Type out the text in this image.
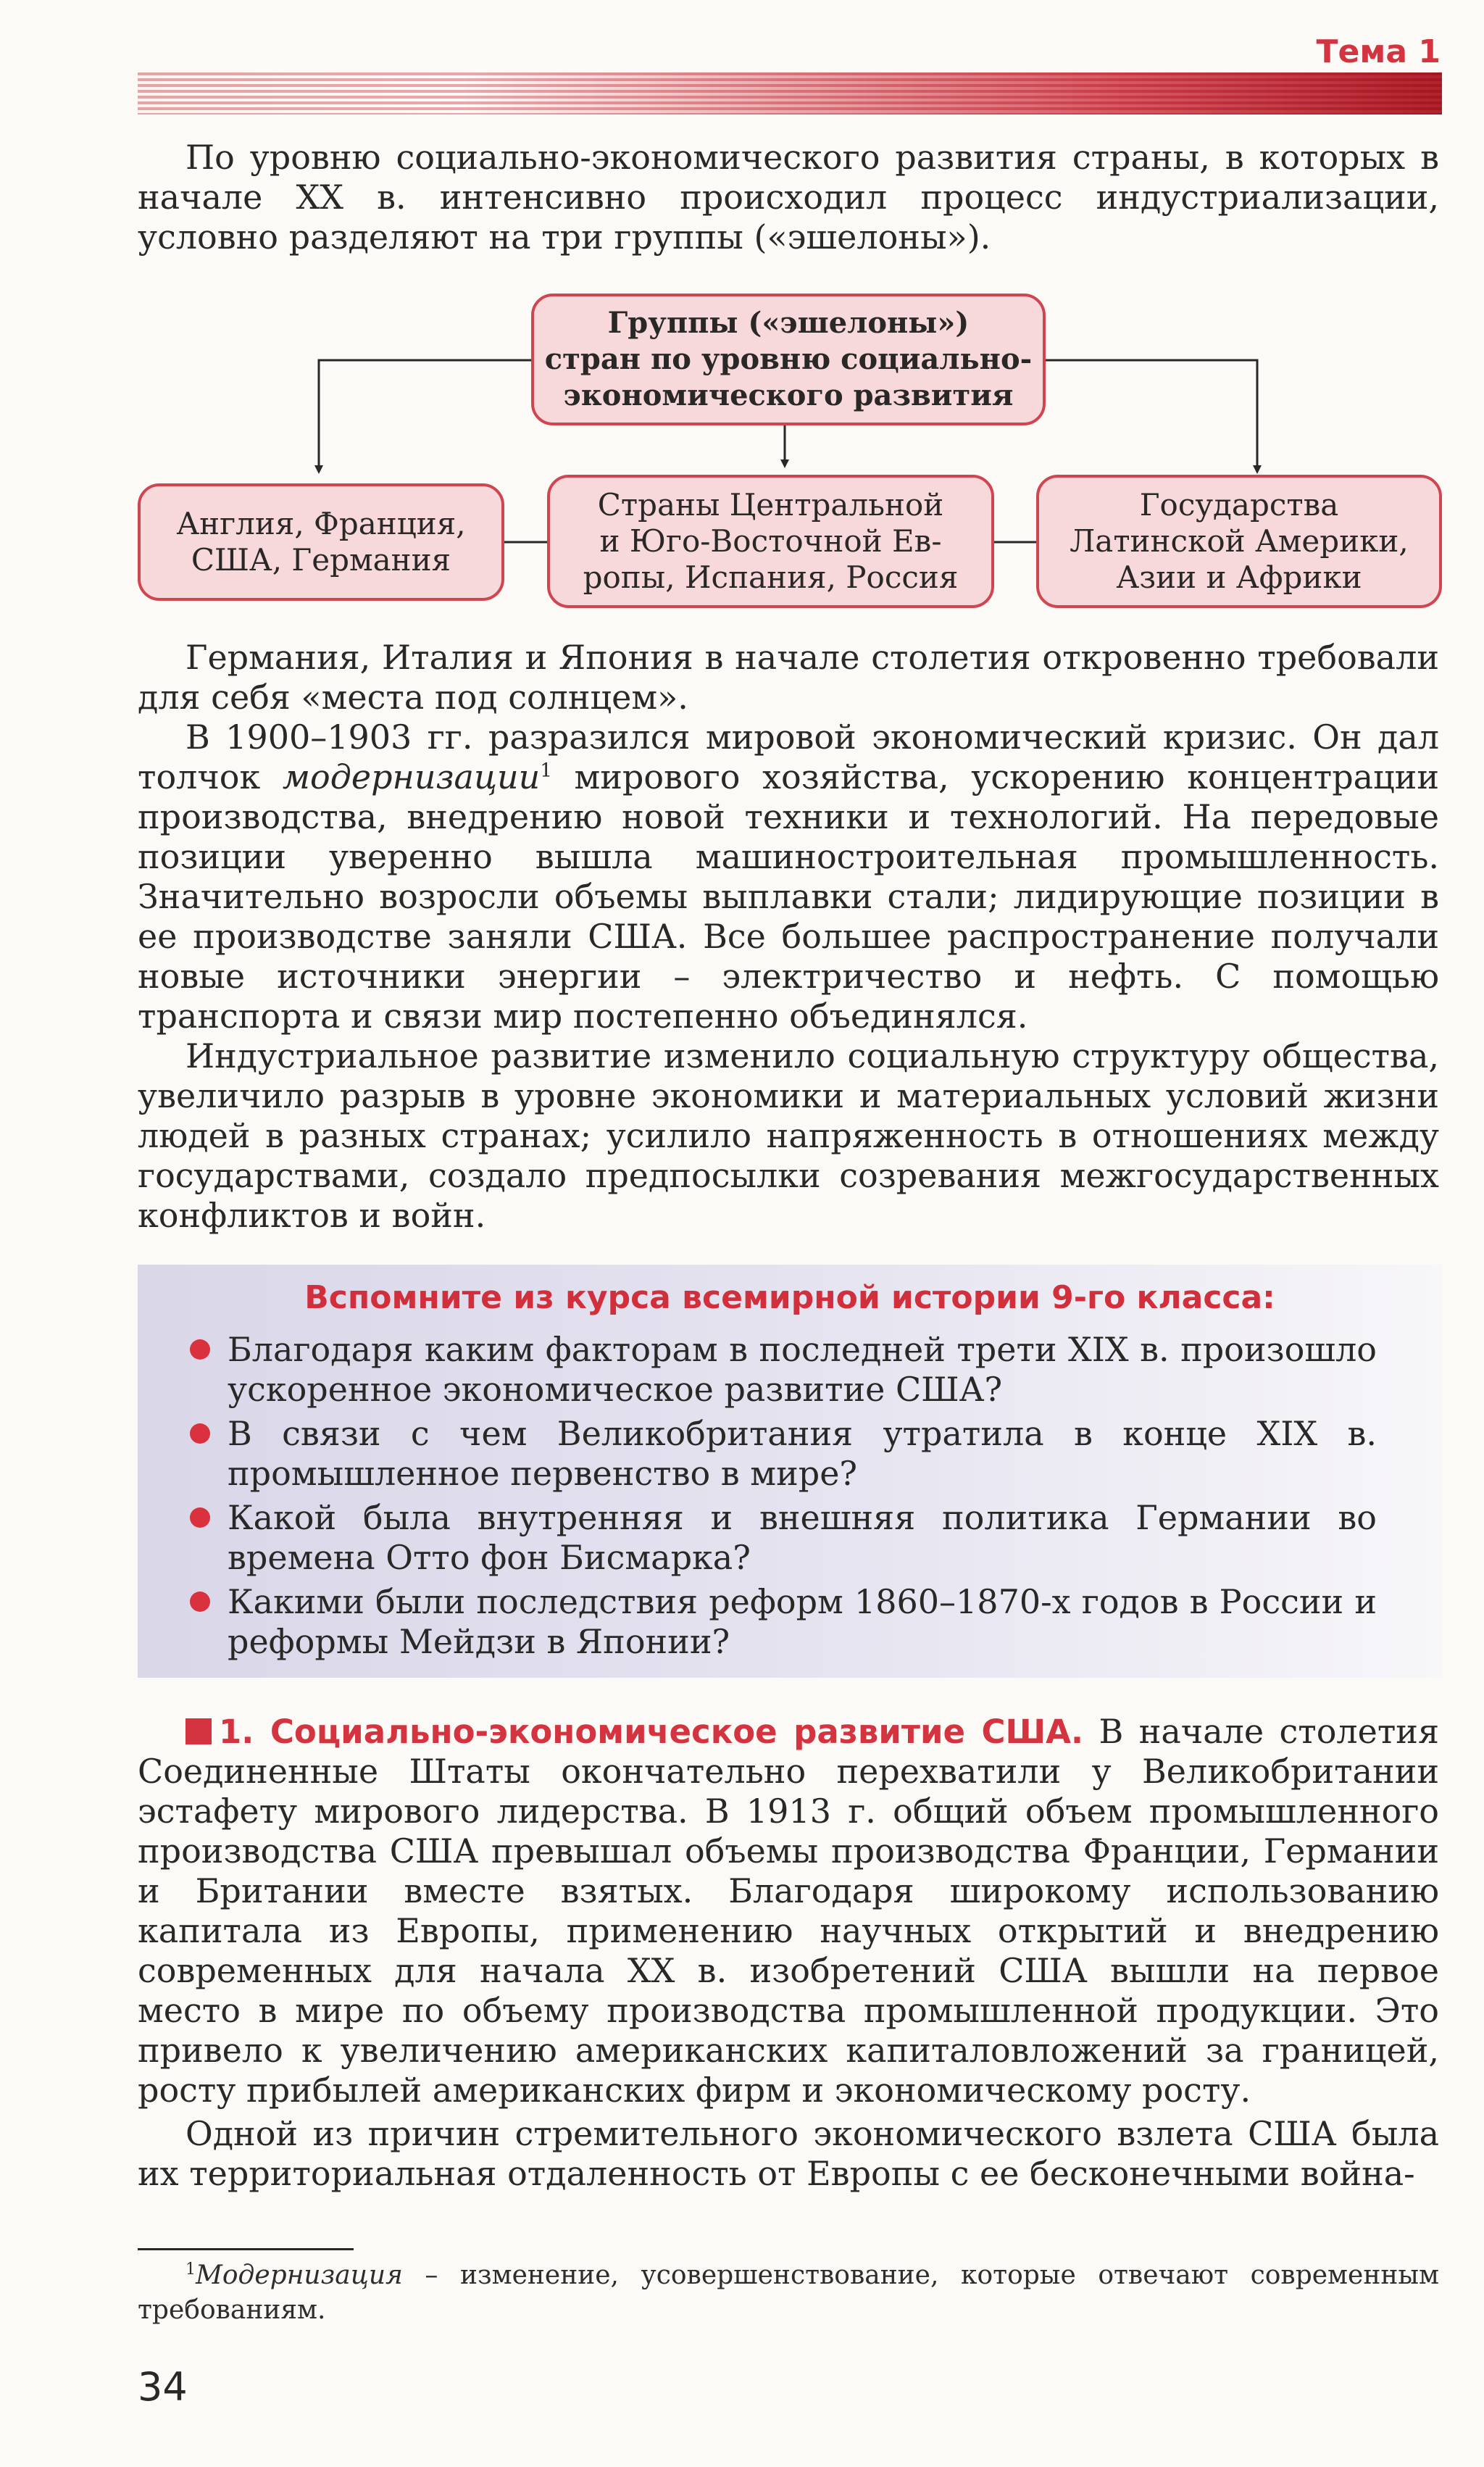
Тема 1
По уровню социально-экономического развития страны, в которых в начале XX в. интенсивно происходил процесс индустриализации, условно разделяют на три группы («эшелоны»).
Группы («эшелоны»)
стран по уровню социально-
экономического развития
Англия, Франция,
США, Германия
Страны Центральной
и Юго-Восточной Ев-
ропы, Испания, Россия
Государства
Латинской Америки,
Азии и Африки
Германия, Италия и Япония в начале столетия откровенно требовали для себя «места под солнцем».
В 1900–1903 гг. разразился мировой экономический кризис. Он дал толчок модернизации$^1$ мирового хозяйства, ускорению концентрации производства, внедрению новой техники и технологий. На передовые позиции уверенно вышла машиностроительная промышленность. Значительно возросли объемы выплавки стали; лидирующие позиции в ее производстве заняли США. Все большее распространение получали новые источники энергии – электричество и нефть. С помощью транспорта и связи мир постепенно объединялся.
Индустриальное развитие изменило социальную структуру общества, увеличило разрыв в уровне экономики и материальных условий жизни людей в разных странах; усилило напряженность в отношениях между государствами, создало предпосылки созревания межгосударственных конфликтов и войн.
Вспомните из курса всемирной истории 9-го класса:
Благодаря каким факторам в последней трети XIX в. произошло ускоренное экономическое развитие США?
В связи с чем Великобритания утратила в конце XIX в. промышленное первенство в мире?
Какой была внутренняя и внешняя политика Германии во времена Отто фон Бисмарка?
Какими были последствия реформ 1860–1870-х годов в России и реформы Мейдзи в Японии?
1. Социально-экономическое развитие США. В начале столетия Соединенные Штаты окончательно перехватили у Великобритании эстафету мирового лидерства. В 1913 г. общий объем промышленного производства США превышал объемы производства Франции, Германии и Британии вместе взятых. Благодаря широкому использованию капитала из Европы, применению научных открытий и внедрению современных для начала XX в. изобретений США вышли на первое место в мире по объему производства промышленной продукции. Это привело к увеличению американских капиталовложений за границей, росту прибылей американских фирм и экономическому росту.
Одной из причин стремительного экономического взлета США была их территориальная отдаленность от Европы с ее бесконечными война-
$^1$Модернизация – изменение, усовершенствование, которые отвечают современным требованиям.
34
